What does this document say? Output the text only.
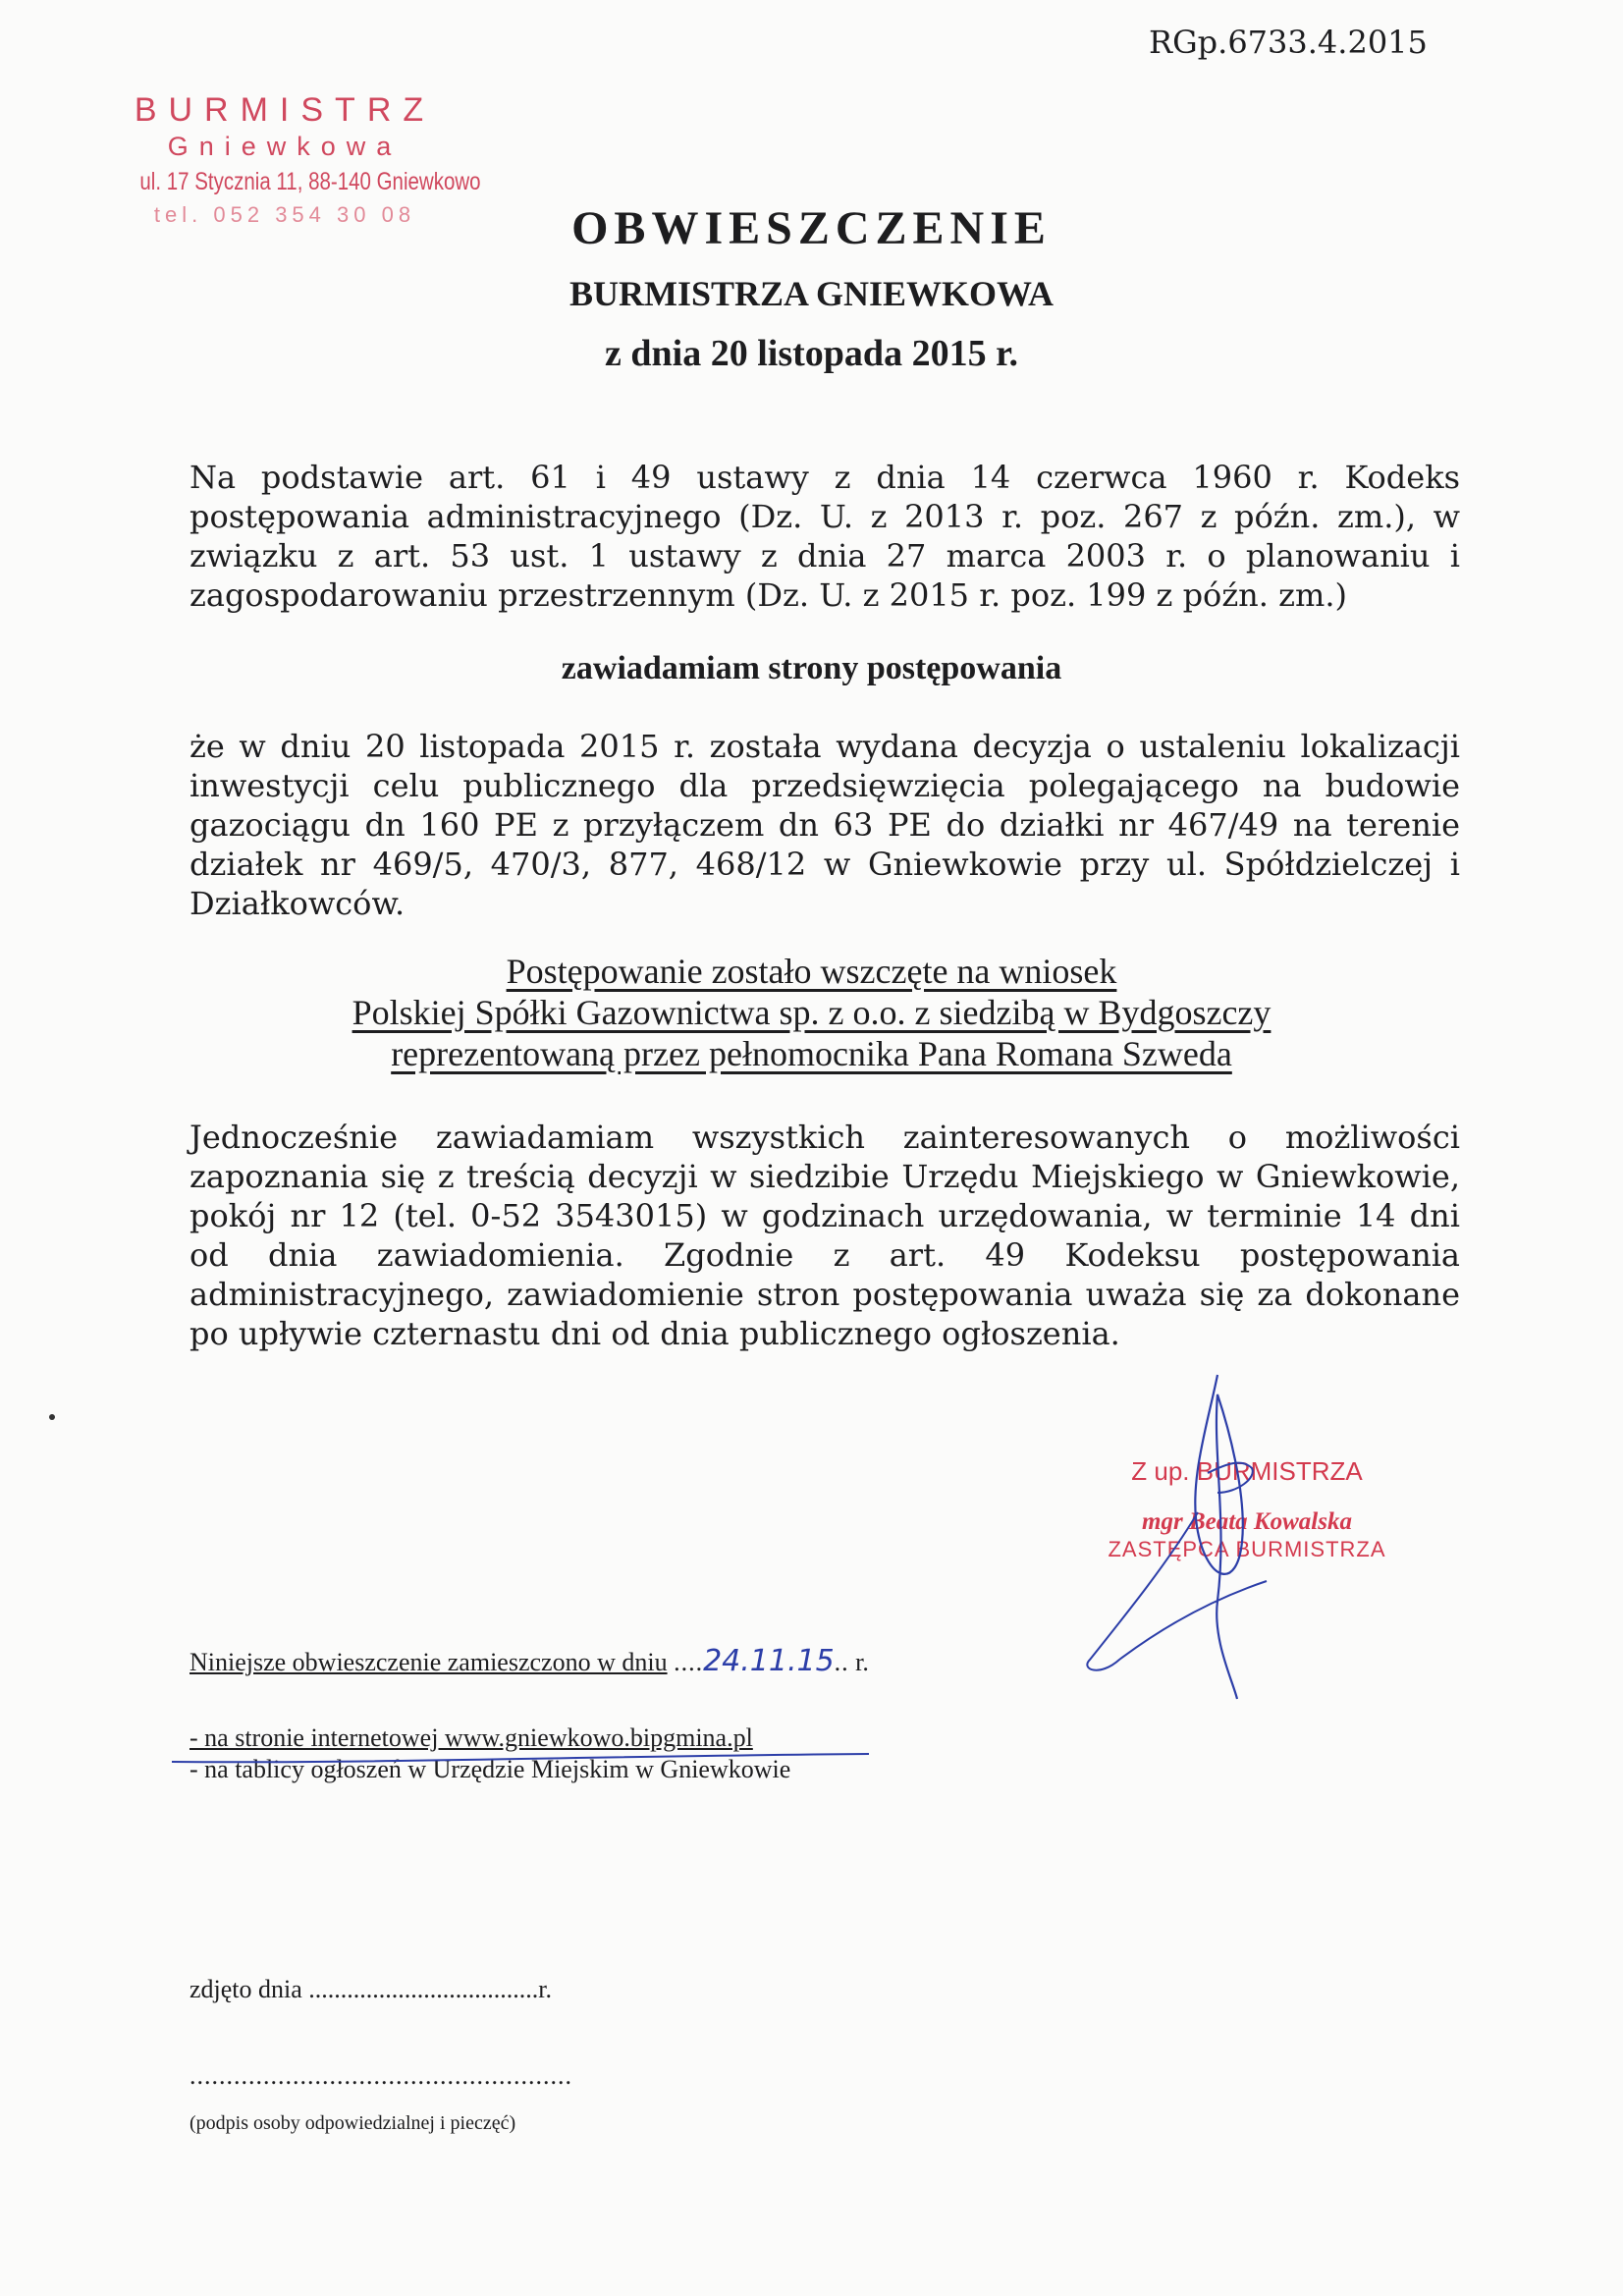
RGp.6733.4.2015
BURMISTRZ
Gniewkowa
ul. 17 Stycznia 11, 88-140 Gniewkowo
tel. 052 354 30 08	OBWIESZCZENIE
BURMISTRZA GNIEWKOWA
z dnia 20 listopada 2015 r.
Na podstawie art. 61 i 49 ustawy z dnia 14 czerwca 1960 r. Kodeks postępowania administracyjnego (Dz. U. z 2013 r. poz. 267 z późn. zm.), w związku z art. 53 ust. 1 ustawy z dnia 27 marca 2003 r. o planowaniu i zagospodarowaniu przestrzennym (Dz. U. z 2015 r. poz. 199 z późn. zm.)
zawiadamiam strony postępowania
że w dniu 20 listopada 2015 r. została wydana decyzja o ustaleniu lokalizacji inwestycji celu publicznego dla przedsięwzięcia polegającego na budowie gazociągu dn 160 PE z przyłączem dn 63 PE do działki nr 467/49 na terenie działek nr 469/5, 470/3, 877, 468/12 w Gniewkowie przy ul. Spółdzielczej i Działkowców.
Postępowanie zostało wszczęte na wniosek
Polskiej Spółki Gazownictwa sp. z o.o. z siedzibą w Bydgoszczy
reprezentowaną przez pełnomocnika Pana Romana Szweda
Jednocześnie zawiadamiam wszystkich zainteresowanych o możliwości zapoznania się z treścią decyzji w siedzibie Urzędu Miejskiego w Gniewkowie, pokój nr 12 (tel. 0-52 3543015) w godzinach urzędowania, w terminie 14 dni od dnia zawiadomienia. Zgodnie z art. 49 Kodeksu postępowania administracyjnego, zawiadomienie stron postępowania uważa się za dokonane po upływie czternastu dni od dnia publicznego ogłoszenia.
Z up. BURMISTRZA
mgr Beata Kowalska
ZASTĘPCA BURMISTRZA
Niniejsze obwieszczenie zamieszczono w dniu ....24.11.15.. r.
- na stronie internetowej www.gniewkowo.bipgmina.pl
- na tablicy ogłoszeń w Urzędzie Miejskim w Gniewkowie
zdjęto dnia ....................................r.
....................................................
(podpis osoby odpowiedzialnej i pieczęć)
